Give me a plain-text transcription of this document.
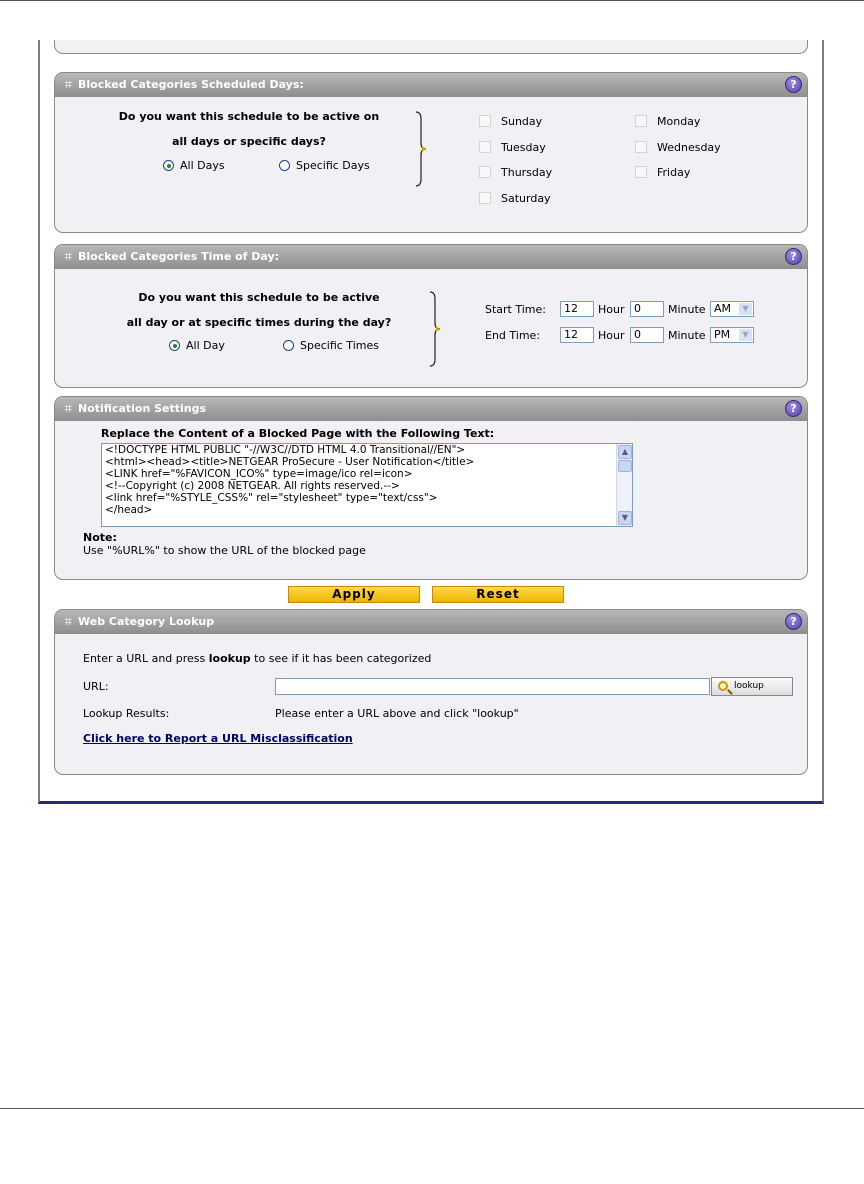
Blocked Categories Scheduled Days:	?
Do you want this schedule to be active on
all days or specific days?
All Days	Specific Days
Sunday	Monday
Tuesday	Wednesday
Thursday	Friday
Saturday
Blocked Categories Time of Day:	?
Do you want this schedule to be active
all day or at specific times during the day?
All Day	Specific Times
Start Time:	12	Hour 0	Minute AM	▼
End Time:	12	Hour 0	Minute PM	▼
Notification Settings	?
Replace the Content of a Blocked Page with the Following Text:
<!DOCTYPE HTML PUBLIC "-//W3C//DTD HTML 4.0 Transitional//EN">
<html><head><title>NETGEAR ProSecure - User Notification</title>
<LINK href="%FAVICON_ICO%" type=image/ico rel=icon>
<!--Copyright (c) 2008 NETGEAR. All rights reserved.-->
<link href="%STYLE_CSS%" rel="stylesheet" type="text/css">
</head>
▲
▼
Note:
Use "%URL%" to show the URL of the blocked page
Apply	Reset
Web Category Lookup	?
Enter a URL and press lookup to see if it has been categorized
URL:	lookup
Lookup Results:	Please enter a URL above and click "lookup"
Click here to Report a URL Misclassification
